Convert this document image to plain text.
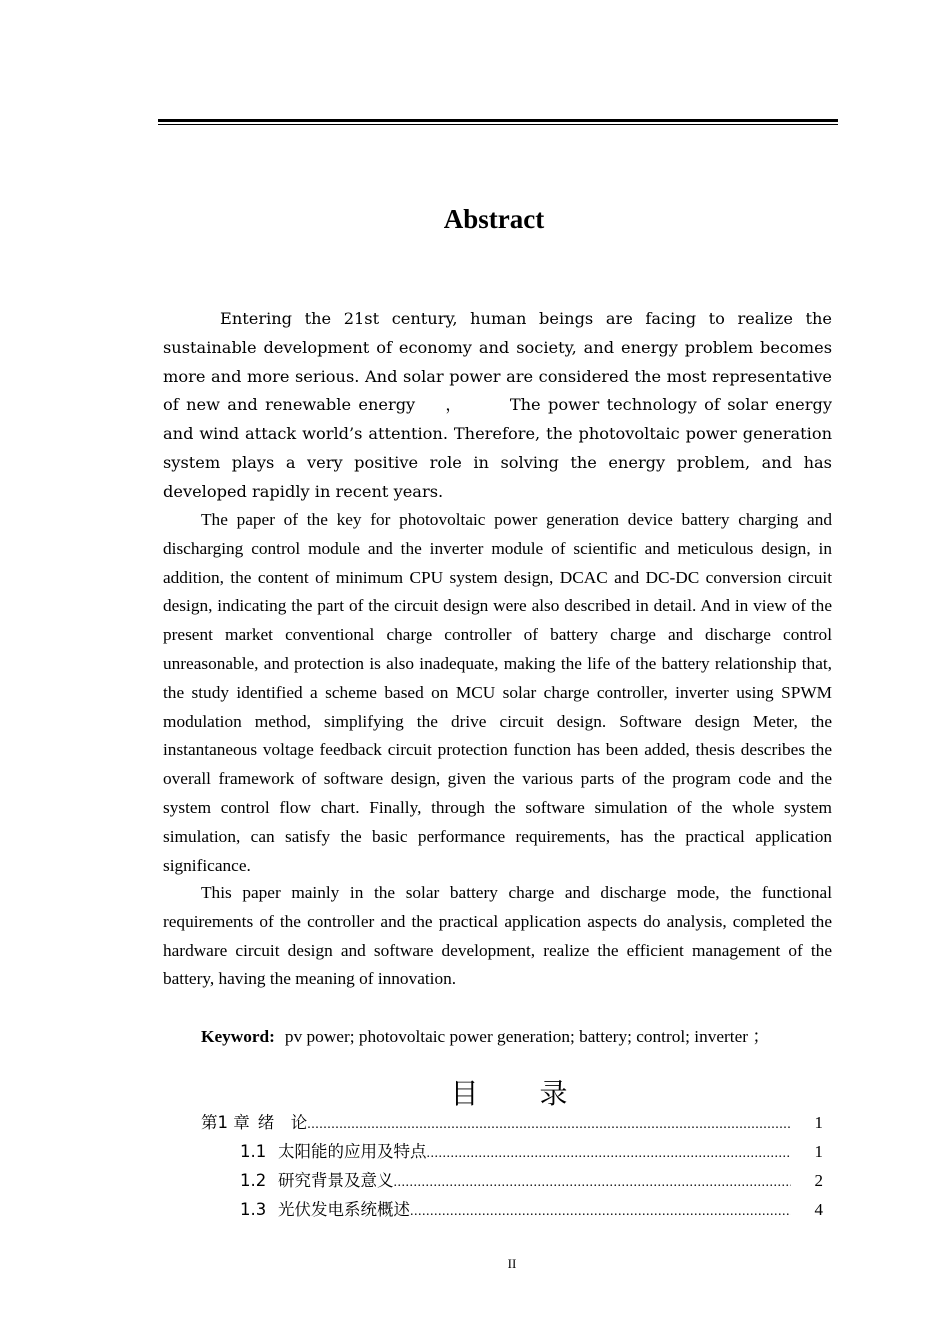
Abstract

Entering the 21st century, human beings are facing to realize the sustainable development of economy and society, and energy problem becomes more and more serious. And solar power are considered the most representative of new and renewable energy ，	The power technology of solar energy and wind attack world’s attention. Therefore, the photovoltaic power generation system plays a very positive role in solving the energy problem, and has developed rapidly in recent years.

The paper of the key for photovoltaic power generation device battery charging and discharging control module and the inverter module of scientific and meticulous design, in addition, the content of minimum CPU system design, DCAC and DC-DC conversion circuit design, indicating the part of the circuit design were also described in detail. And in view of the present market conventional charge controller of battery charge and discharge control unreasonable, and protection is also inadequate, making the life of the battery relationship that, the study identified a scheme based on MCU solar charge controller, inverter using SPWM modulation method, simplifying the drive circuit design. Software design Meter, the instantaneous voltage feedback circuit protection function has been added, thesis describes the overall framework of software design, given the various parts of the program code and the system control flow chart. Finally, through the software simulation of the whole system simulation, can satisfy the basic performance requirements, has the practical application significance.

This paper mainly in the solar battery charge and discharge mode, the functional requirements of the controller and the practical application aspects do analysis, completed the hardware circuit design and software development, realize the efficient management of the battery, having the meaning of innovation.

Keyword: pv power; photovoltaic power generation; battery; control; inverter ；
目 录
第1 章 绪　论 .....	1
1.1 太阳能的应用及特点 .....	1
1.2 研究背景及意义 .....	2
1.3 光伏发电系统概述 .....	4
II
